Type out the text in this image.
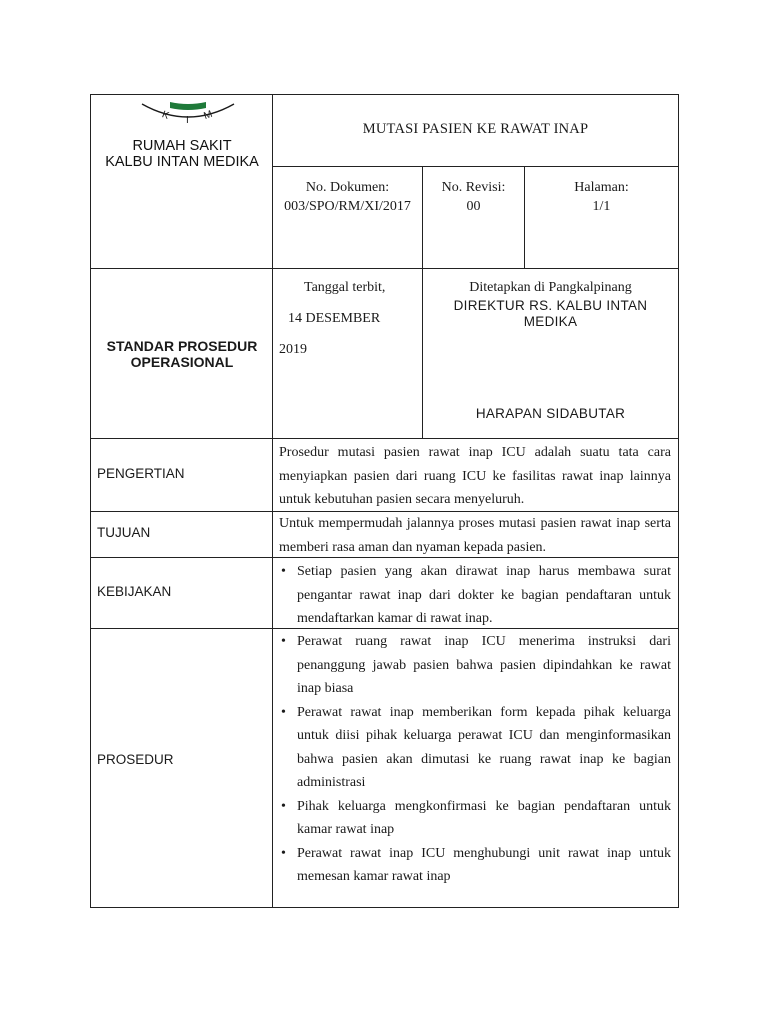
K I M
RUMAH SAKIT
KALBU INTAN MEDIKA
MUTASI PASIEN KE RAWAT INAP
No. Dokumen:
003/SPO/RM/XI/2017
No. Revisi:
00
Halaman:
1/1
STANDAR PROSEDUR
OPERASIONAL
Tanggal terbit,
14 DESEMBER
2019
Ditetapkan di Pangkalpinang
DIREKTUR RS. KALBU INTAN
MEDIKA
HARAPAN SIDABUTAR
PENGERTIAN
Prosedur mutasi pasien rawat inap ICU adalah suatu tata cara menyiapkan pasien dari ruang ICU ke fasilitas rawat inap lainnya untuk kebutuhan pasien secara menyeluruh.
TUJUAN
Untuk mempermudah jalannya proses mutasi pasien rawat inap serta memberi rasa aman dan nyaman kepada pasien.
KEBIJAKAN
• Setiap pasien yang akan dirawat inap harus membawa surat pengantar rawat inap dari dokter ke bagian pendaftaran untuk mendaftarkan kamar di rawat inap.
PROSEDUR
• Perawat ruang rawat inap ICU menerima instruksi dari penanggung jawab pasien bahwa pasien dipindahkan ke rawat inap biasa
• Perawat rawat inap memberikan form kepada pihak keluarga untuk diisi pihak keluarga perawat ICU dan menginformasikan bahwa pasien akan dimutasi ke ruang rawat inap ke bagian administrasi
• Pihak keluarga mengkonfirmasi ke bagian pendaftaran untuk kamar rawat inap
• Perawat rawat inap ICU menghubungi unit rawat inap untuk memesan kamar rawat inap
